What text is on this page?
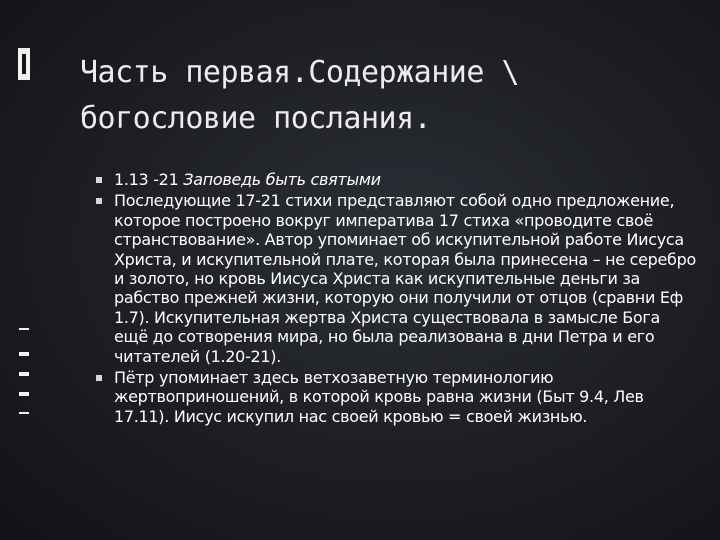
Часть первая.Содержание \ богословие послания.
1.13 -21 Заповедь быть святыми
Последующие 17-21 стихи представляют собой одно предложение, которое построено вокруг императива 17 стиха «проводите своё странствование». Автор упоминает об искупительной работе Иисуса Христа, и искупительной плате, которая была принесена – не серебро и золото, но кровь Иисуса Христа как искупительные деньги за рабство прежней жизни, которую они получили от отцов (сравни Еф 1.7). Искупительная жертва Христа существовала в замысле Бога ещё до сотворения мира, но была реализована в дни Петра и его читателей (1.20-21).
Пётр упоминает здесь ветхозаветную терминологию жертвоприношений, в которой кровь равна жизни (Быт 9.4, Лев 17.11). Иисус искупил нас своей кровью = своей жизнью.
